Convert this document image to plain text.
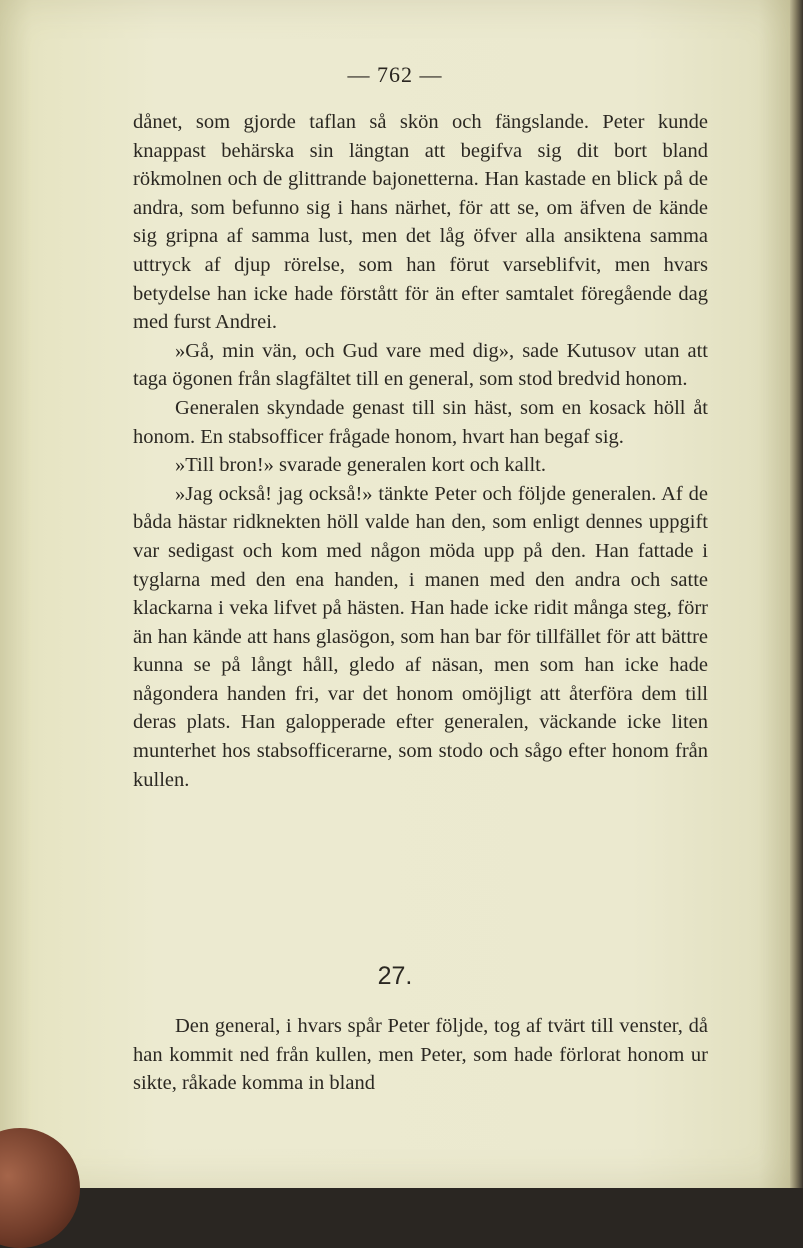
— 762 —

dånet, som gjorde taflan så skön och fängslande. Peter kunde knappast behärska sin längtan att begifva sig dit bort bland rökmolnen och de glittrande bajonetterna. Han kastade en blick på de andra, som befunno sig i hans närhet, för att se, om äfven de kände sig gripna af samma lust, men det låg öfver alla ansiktena samma uttryck af djup rörelse, som han förut varseblifvit, men hvars betydelse han icke hade förstått för än efter samtalet föregående dag med furst Andrei.

»Gå, min vän, och Gud vare med dig», sade Kutusov utan att taga ögonen från slagfältet till en general, som stod bredvid honom.

Generalen skyndade genast till sin häst, som en kosack höll åt honom. En stabsofficer frågade honom, hvart han begaf sig.

»Till bron!» svarade generalen kort och kallt.

»Jag också! jag också!» tänkte Peter och följde generalen. Af de båda hästar ridknekten höll valde han den, som enligt dennes uppgift var sedigast och kom med någon möda upp på den. Han fattade i tyglarna med den ena handen, i manen med den andra och satte klackarna i veka lifvet på hästen. Han hade icke ridit många steg, förr än han kände att hans glasögon, som han bar för tillfället för att bättre kunna se på långt håll, gledo af näsan, men som han icke hade någondera handen fri, var det honom omöjligt att återföra dem till deras plats. Han galopperade efter generalen, väckande icke liten munterhet hos stabsofficerarne, som stodo och sågo efter honom från kullen.

27.

Den general, i hvars spår Peter följde, tog af tvärt till venster, då han kommit ned från kullen, men Peter, som hade förlorat honom ur sikte, råkade komma in bland
